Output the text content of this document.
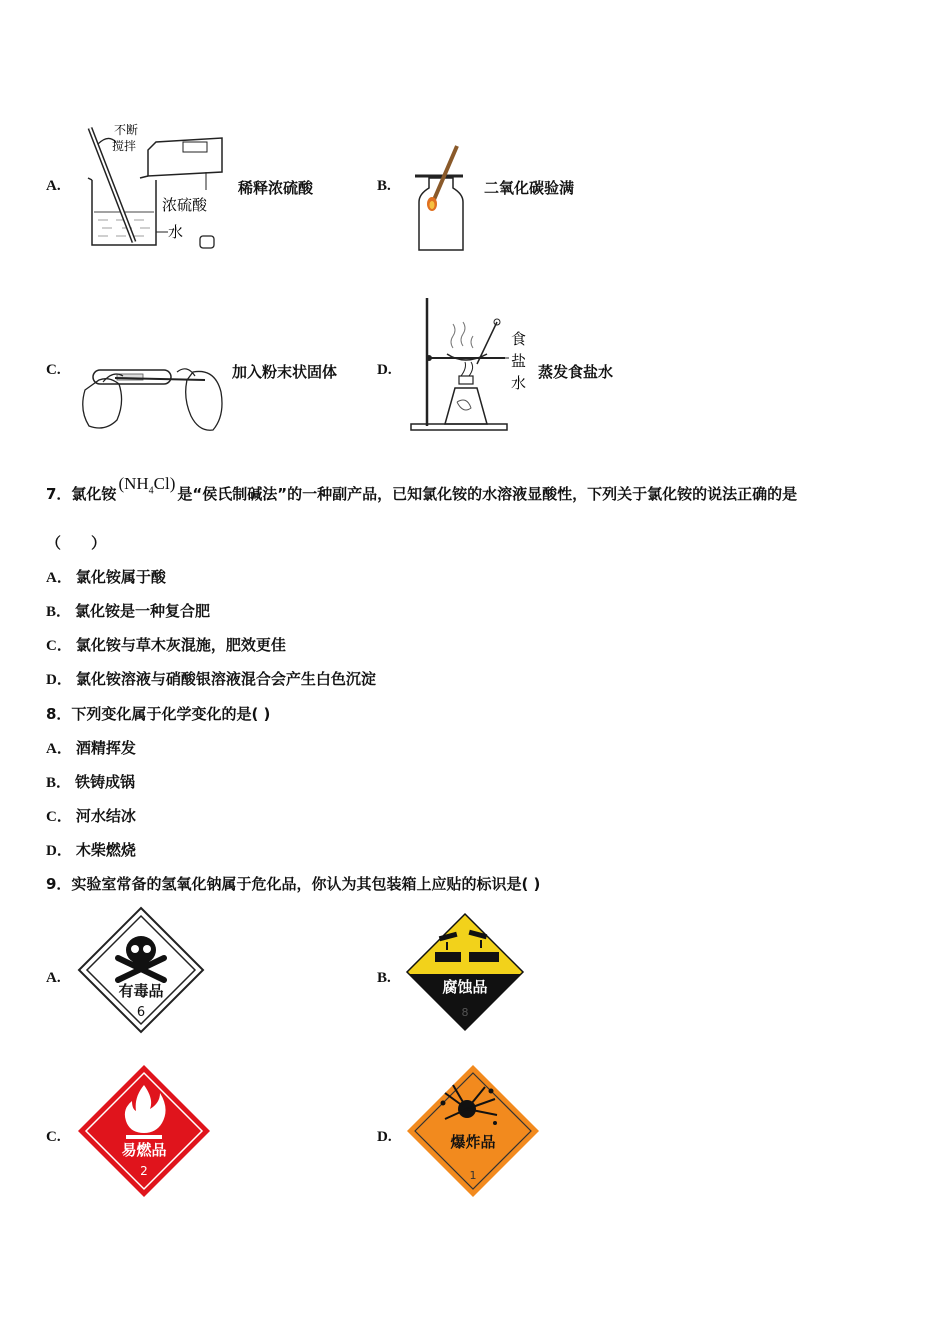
A.
不断
搅拌
浓硫酸
水
稀释浓硫酸	B.	二氧化碳验满
C.	加入粉末状固体	D.
食
盐
水
蒸发食盐水
7．氯化铵$(NH_4Cl)$是“侯氏制碱法”的一种副产品，已知氯化铵的水溶液显酸性，下列关于氯化铵的说法正确的是
（　　）
A． 氯化铵属于酸
B． 氯化铵是一种复合肥
C． 氯化铵与草木灰混施，肥效更佳
D． 氯化铵溶液与硝酸银溶液混合会产生白色沉淀
8．下列变化属于化学变化的是( )
A． 酒精挥发
B． 铁铸成锅
C． 河水结冰
D． 木柴燃烧
9．实验室常备的氢氧化钠属于危化品，你认为其包装箱上应贴的标识是( )
A.
有毒品
6
B.	腐蚀品
8
C.
易燃品
2
D.	爆炸品
1
